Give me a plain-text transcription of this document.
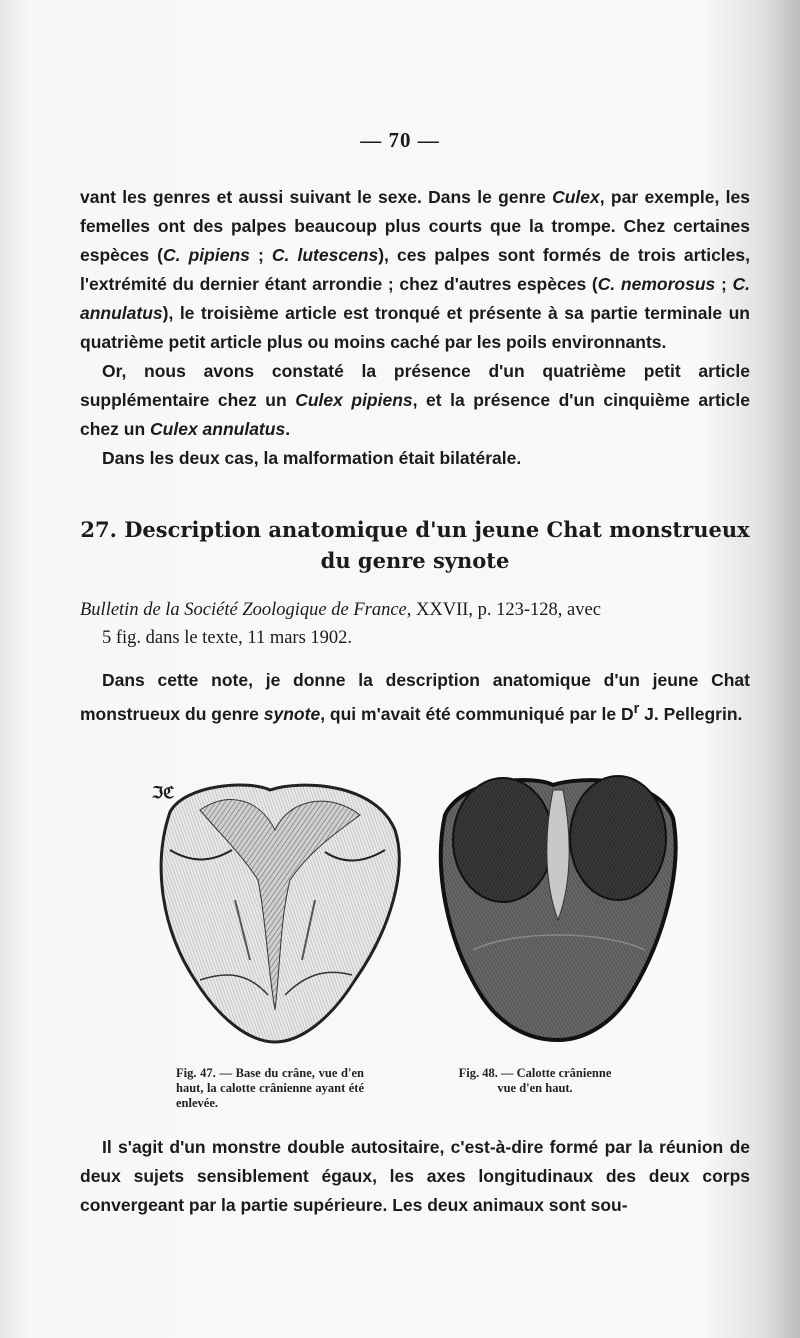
— 70 —

vant les genres et aussi suivant le sexe. Dans le genre Culex, par exemple, les femelles ont des palpes beaucoup plus courts que la trompe. Chez certaines espèces (C. pipiens ; C. lutescens), ces palpes sont formés de trois articles, l'extrémité du dernier étant arrondie ; chez d'autres espèces (C. nemorosus ; C. annulatus), le troisième article est tronqué et présente à sa partie terminale un quatrième petit article plus ou moins caché par les poils environnants.

Or, nous avons constaté la présence d'un quatrième petit article supplémentaire chez un Culex pipiens, et la présence d'un cinquième article chez un Culex annulatus.

Dans les deux cas, la malformation était bilatérale.

27. Description anatomique d'un jeune Chat monstrueux
du genre synote
Bulletin de la Société Zoologique de France, XXVII, p. 123-128, avec
5 fig. dans le texte, 11 mars 1902.

Dans cette note, je donne la description anatomique d'un jeune Chat monstrueux du genre synote, qui m'avait été communiqué par le $D^r$ J. Pellegrin.

ℑℭ
Fig. 47. — Base du crâne, vue d'en haut, la calotte crânienne ayant été enlevée.
Fig. 48. — Calotte crânienne
vue d'en haut.

Il s'agit d'un monstre double autositaire, c'est-à-dire formé par la réunion de deux sujets sensiblement égaux, les axes longitudinaux des deux corps convergeant par la partie supérieure. Les deux animaux sont sou-
